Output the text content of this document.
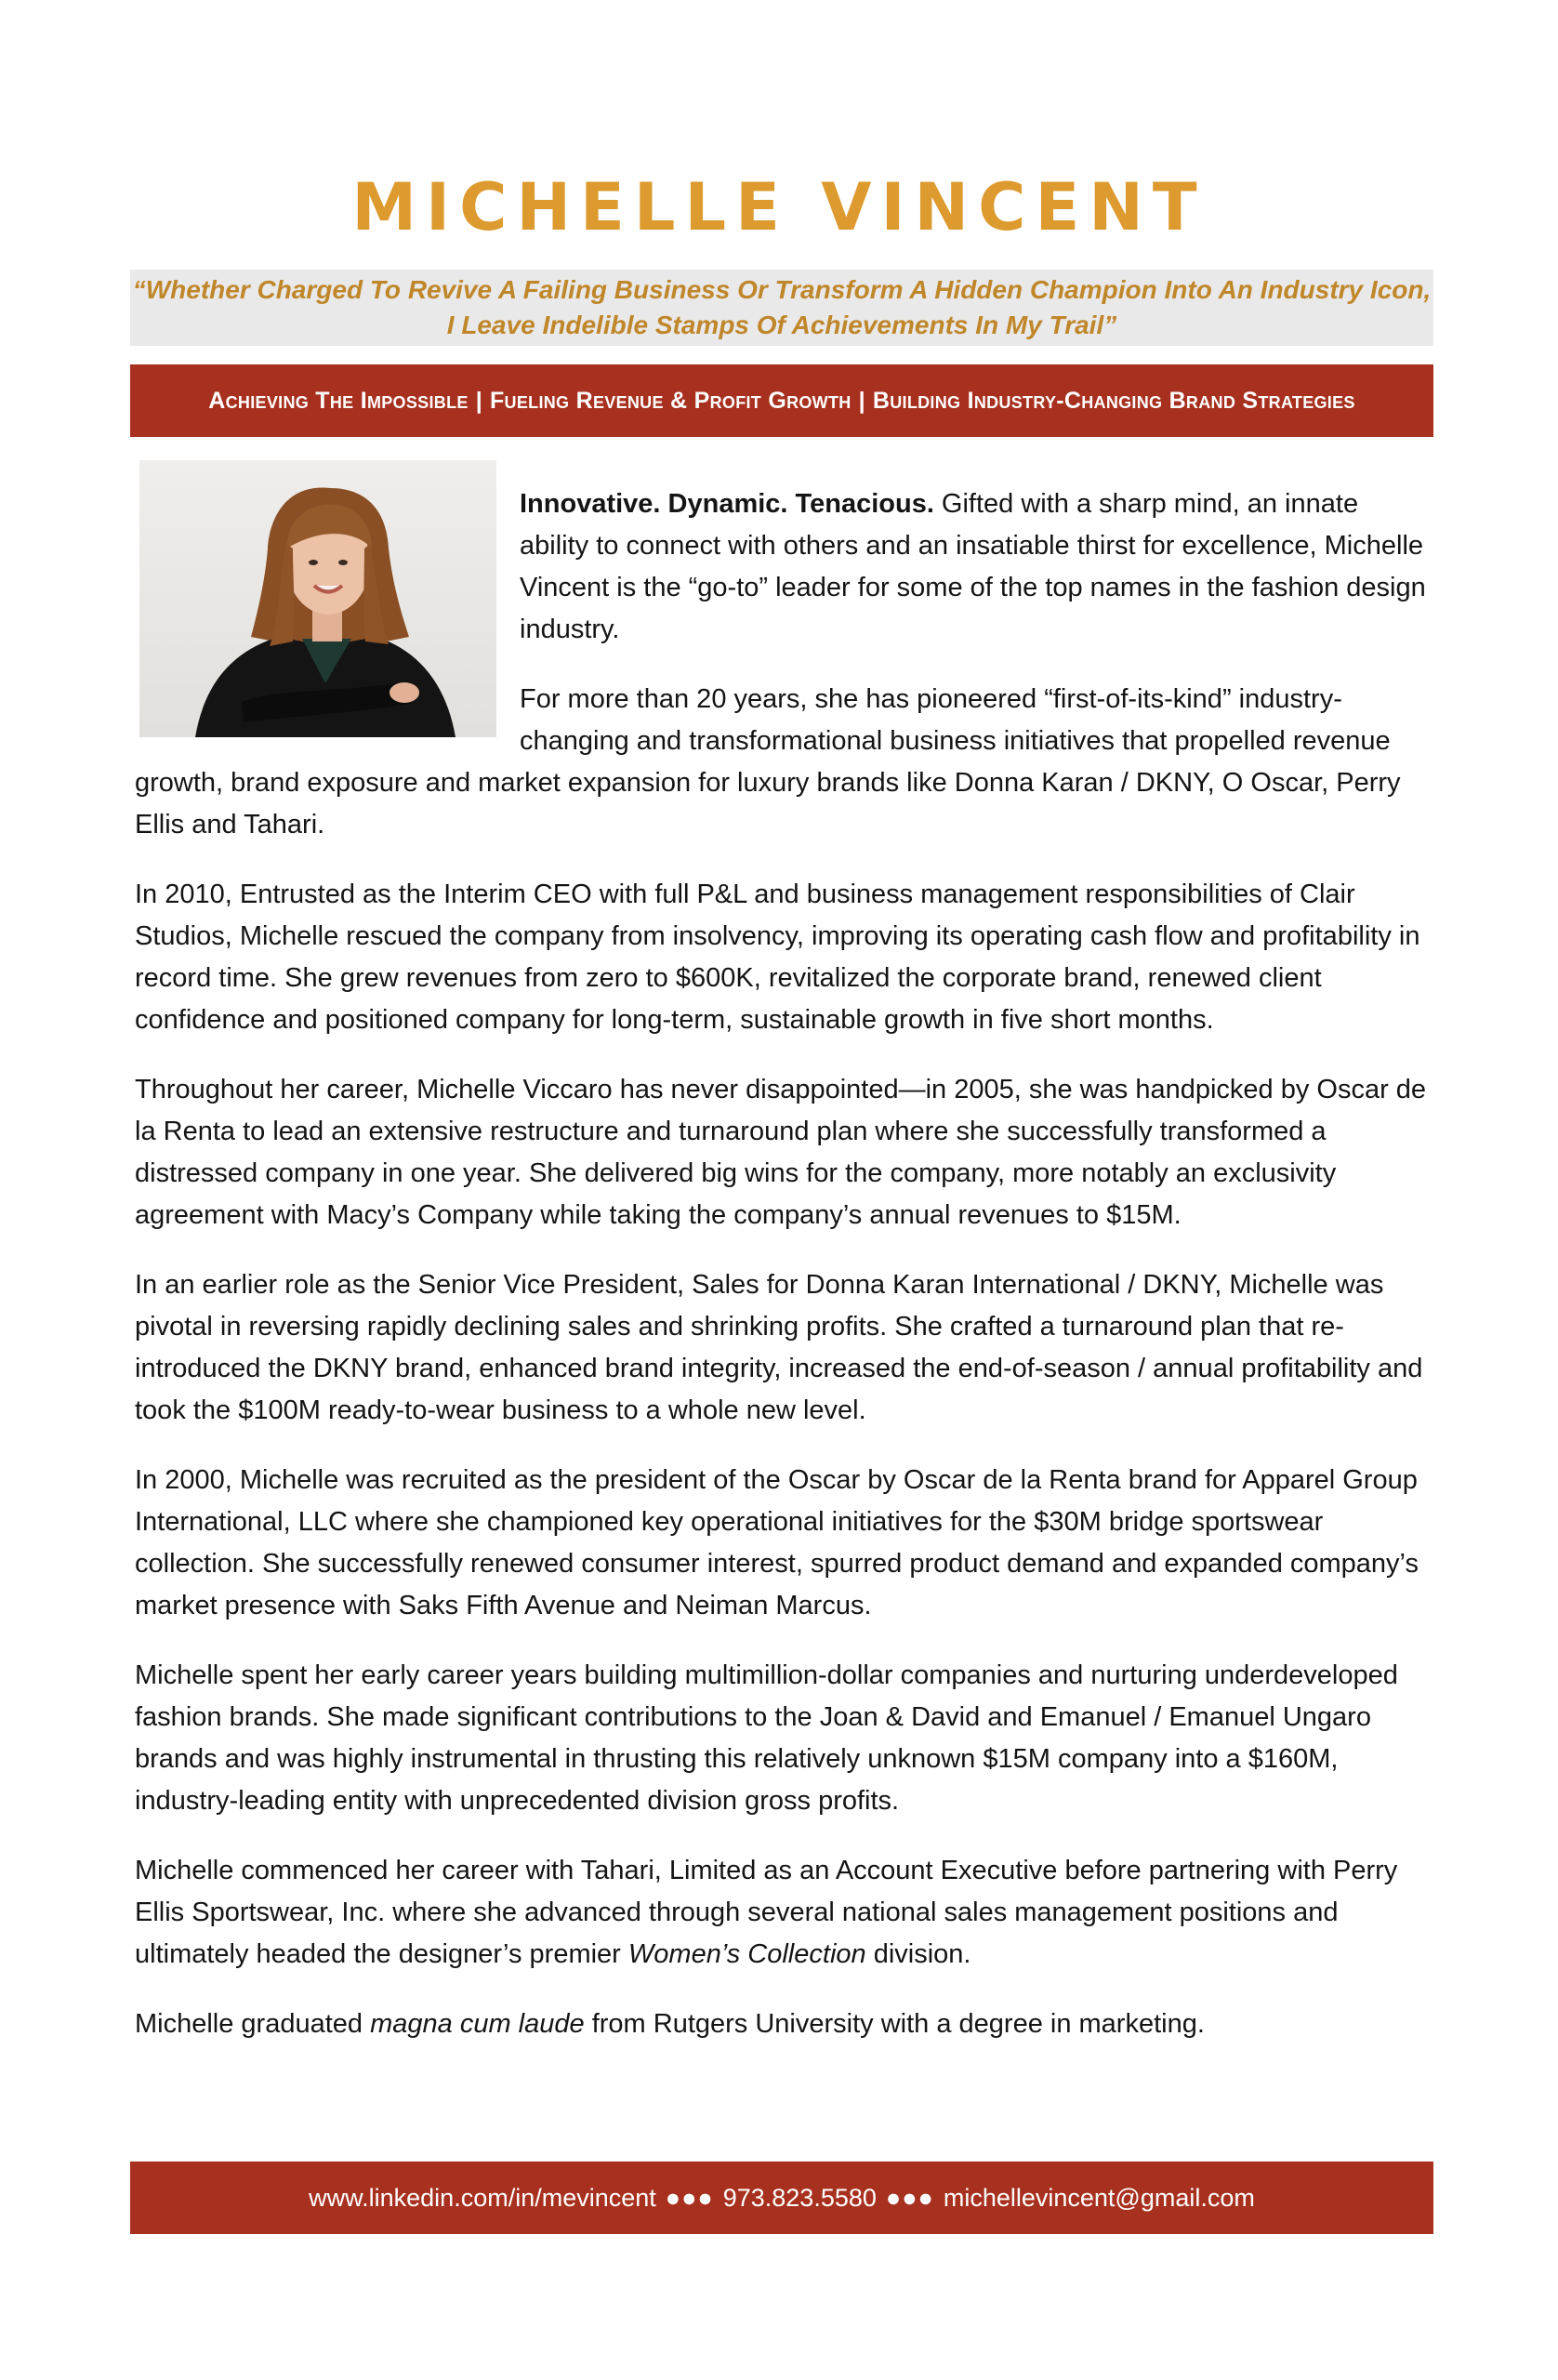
MICHELLE VINCENT
“Whether Charged To Revive A Failing Business Or Transform A Hidden Champion Into An Industry Icon,
I Leave Indelible Stamps Of Achievements In My Trail”
Achieving The Impossible | Fueling Revenue & Profit Growth | Building Industry-Changing Brand Strategies

Innovative. Dynamic. Tenacious. Gifted with a sharp mind, an innate ability to connect with others and an insatiable thirst for excellence, Michelle Vincent is the “go-to” leader for some of the top names in the fashion design industry.

For more than 20 years, she has pioneered “first-of-its-kind” industry-changing and transformational business initiatives that propelled revenue growth, brand exposure and market expansion for luxury brands like Donna Karan / DKNY, O Oscar, Perry Ellis and Tahari.

In 2010, Entrusted as the Interim CEO with full P&L and business management responsibilities of Clair Studios, Michelle rescued the company from insolvency, improving its operating cash flow and profitability in record time. She grew revenues from zero to $600K, revitalized the corporate brand, renewed client confidence and positioned company for long-term, sustainable growth in five short months.

Throughout her career, Michelle Viccaro has never disappointed—in 2005, she was handpicked by Oscar de la Renta to lead an extensive restructure and turnaround plan where she successfully transformed a distressed company in one year. She delivered big wins for the company, more notably an exclusivity agreement with Macy’s Company while taking the company’s annual revenues to $15M.

In an earlier role as the Senior Vice President, Sales for Donna Karan International / DKNY, Michelle was pivotal in reversing rapidly declining sales and shrinking profits. She crafted a turnaround plan that re-introduced the DKNY brand, enhanced brand integrity, increased the end-of-season / annual profitability and took the $100M ready-to-wear business to a whole new level.

In 2000, Michelle was recruited as the president of the Oscar by Oscar de la Renta brand for Apparel Group International, LLC where she championed key operational initiatives for the $30M bridge sportswear collection. She successfully renewed consumer interest, spurred product demand and expanded company’s market presence with Saks Fifth Avenue and Neiman Marcus.

Michelle spent her early career years building multimillion-dollar companies and nurturing underdeveloped fashion brands. She made significant contributions to the Joan & David and Emanuel / Emanuel Ungaro brands and was highly instrumental in thrusting this relatively unknown $15M company into a $160M, industry-leading entity with unprecedented division gross profits.

Michelle commenced her career with Tahari, Limited as an Account Executive before partnering with Perry Ellis Sportswear, Inc. where she advanced through several national sales management positions and ultimately headed the designer’s premier Women’s Collection division.

Michelle graduated magna cum laude from Rutgers University with a degree in marketing.

www.linkedin.com/in/mevincent ●●● 973.823.5580 ●●● michellevincent@gmail.com
